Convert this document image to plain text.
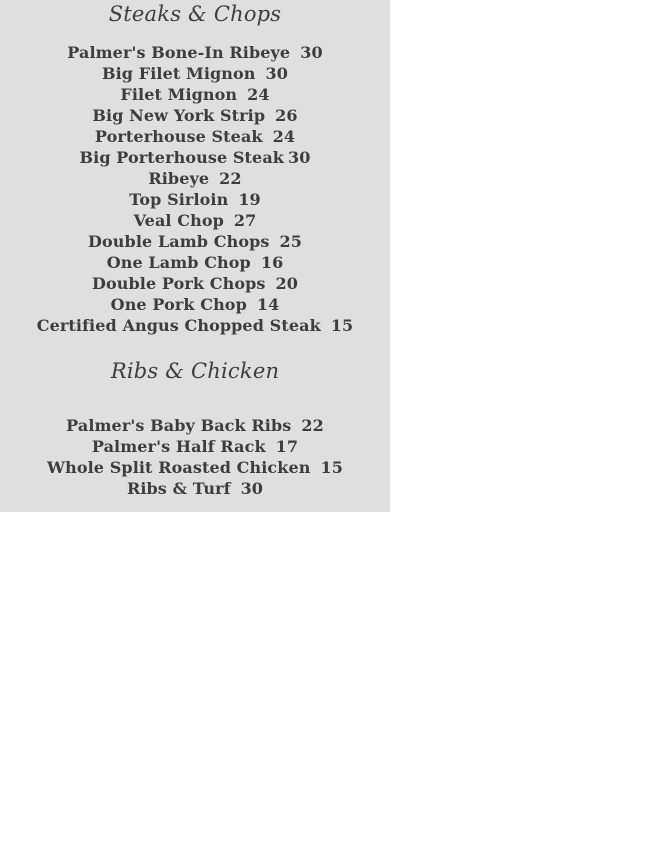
Steaks & Chops
Palmer's Bone-In Ribeye 30
Big Filet Mignon 30
Filet Mignon 24
Big New York Strip 26
Porterhouse Steak 24
Big Porterhouse Steak 30
Ribeye 22
Top Sirloin 19
Veal Chop 27
Double Lamb Chops 25
One Lamb Chop 16
Double Pork Chops 20
One Pork Chop 14
Certified Angus Chopped Steak 15
Ribs & Chicken
Palmer's Baby Back Ribs 22
Palmer's Half Rack 17
Whole Split Roasted Chicken 15
Ribs & Turf 30
